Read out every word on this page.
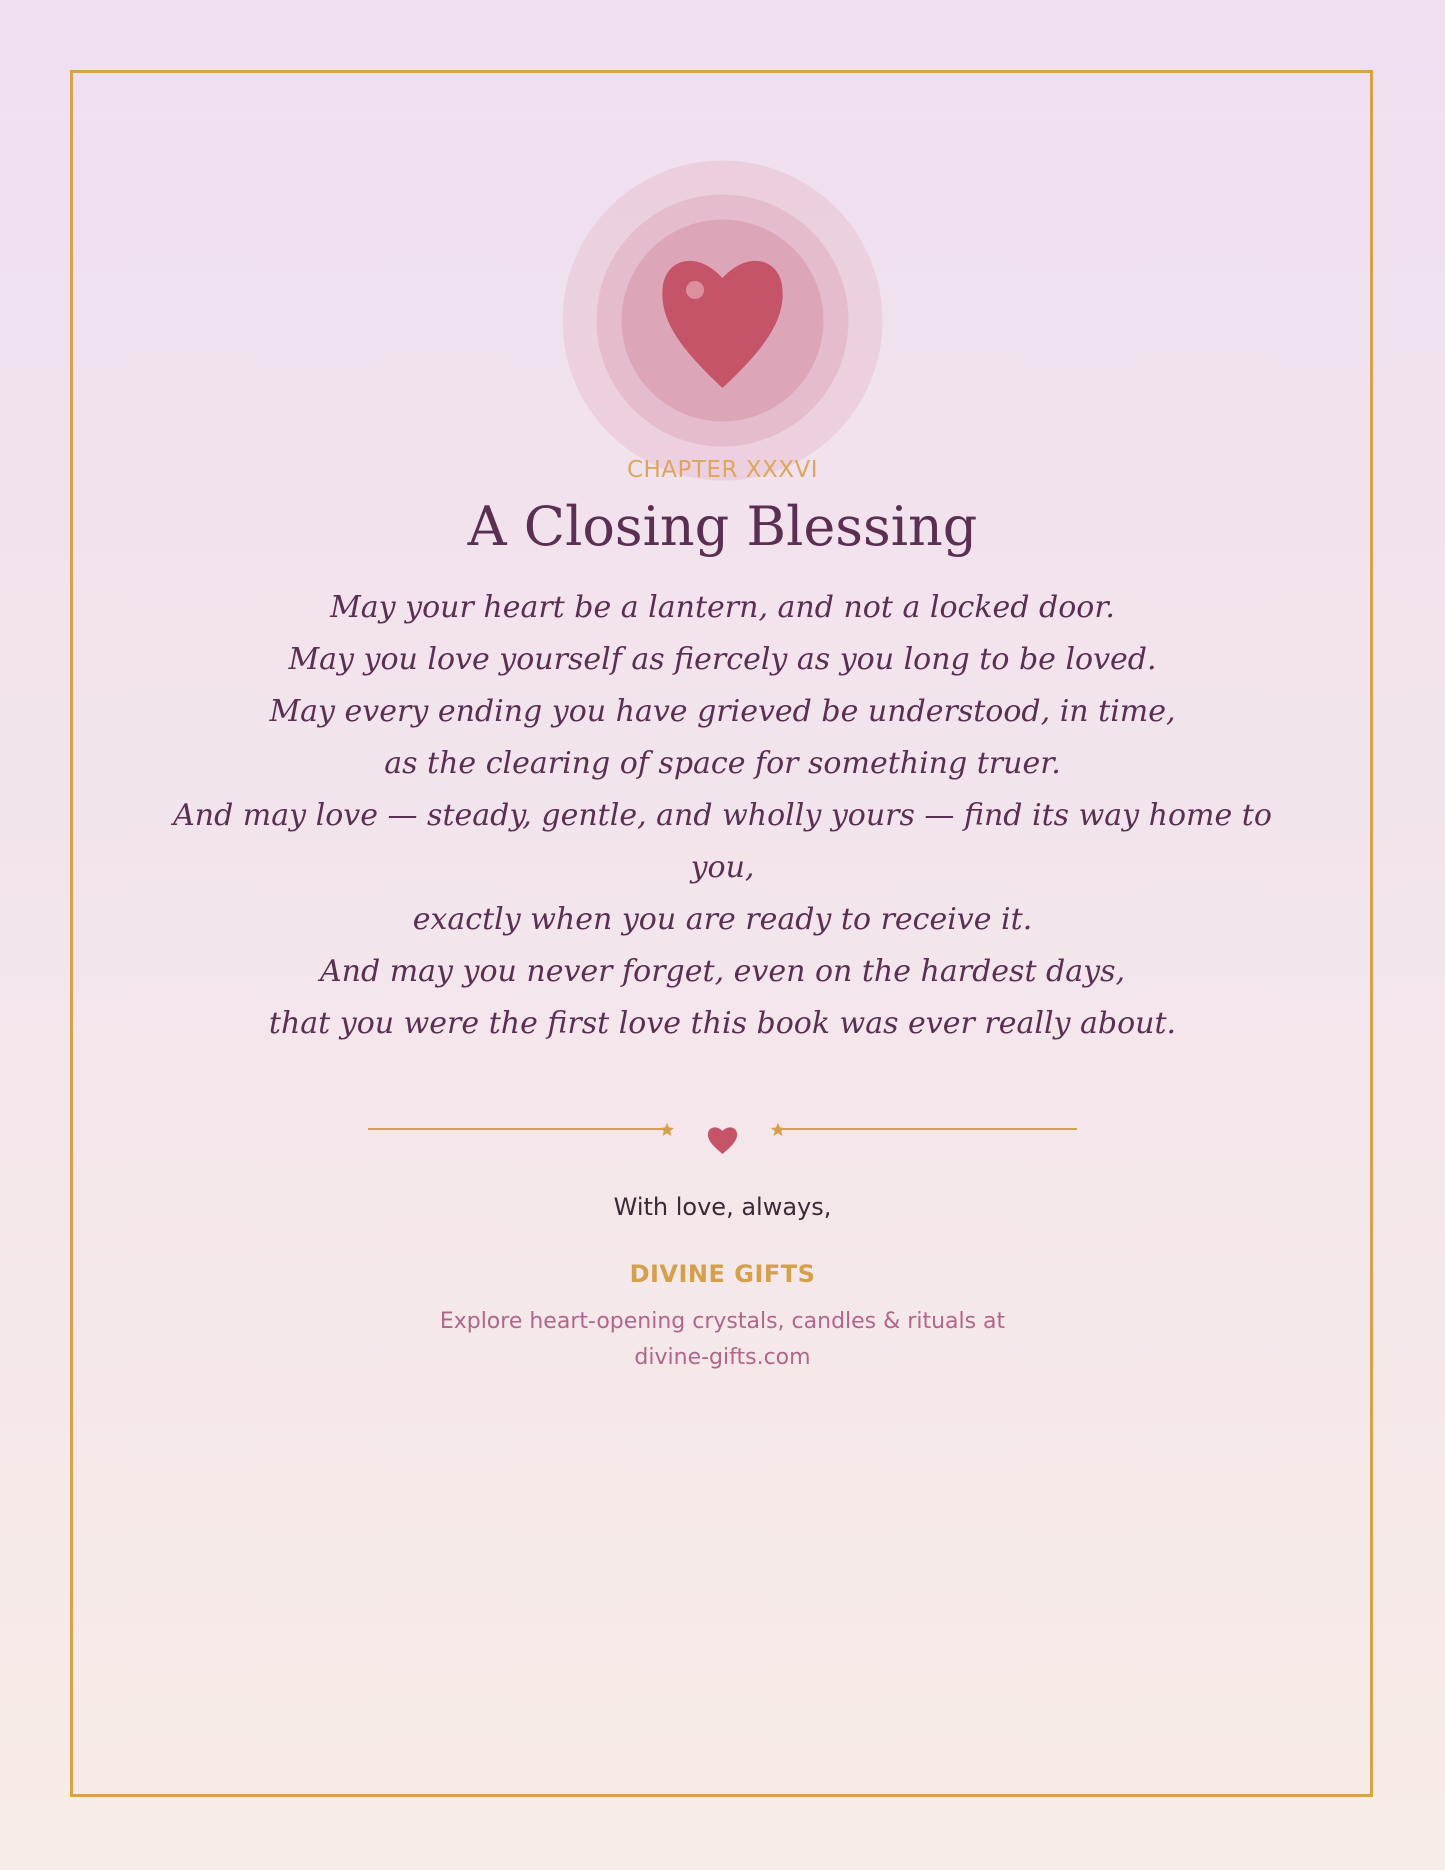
CHAPTER XXXVI
A Closing Blessing
May your heart be a lantern, and not a locked door.
May you love yourself as fiercely as you long to be loved.
May every ending you have grieved be understood, in time,
as the clearing of space for something truer.
And may love — steady, gentle, and wholly yours — find its way home to
you,
exactly when you are ready to receive it.
And may you never forget, even on the hardest days,
that you were the first love this book was ever really about.
With love, always,
DIVINE GIFTS
Explore heart-opening crystals, candles & rituals at
divine-gifts.com
